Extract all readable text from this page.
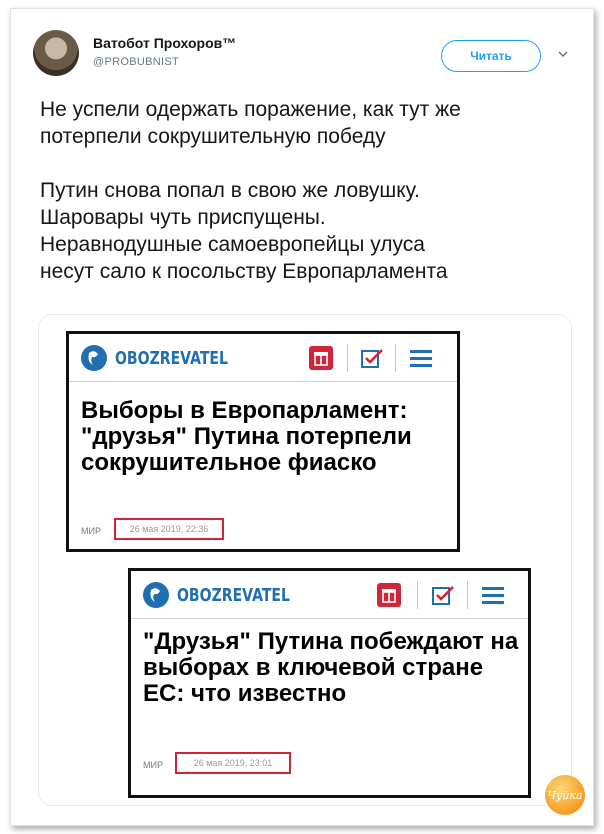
Ватобот Прохоров™
@PROBUBNIST	Читать
Не успели одержать поражение, как тут же
потерпели сокрушительную победу

Путин снова попал в свою же ловушку.
Шаровары чуть приспущены.
Неравнодушные самоевропейцы улуса
несут сало к посольству Европарламента
OBOZREVATEL
Выборы в Европарламент: "друзья" Путина потерпели сокрушительное фиаско
МИР	26 мая 2019, 22:36
OBOZREVATEL
"Друзья" Путина побеждают на выборах в ключевой стране ЕС: что известно
МИР	26 мая 2019, 23:01
Чуйка
